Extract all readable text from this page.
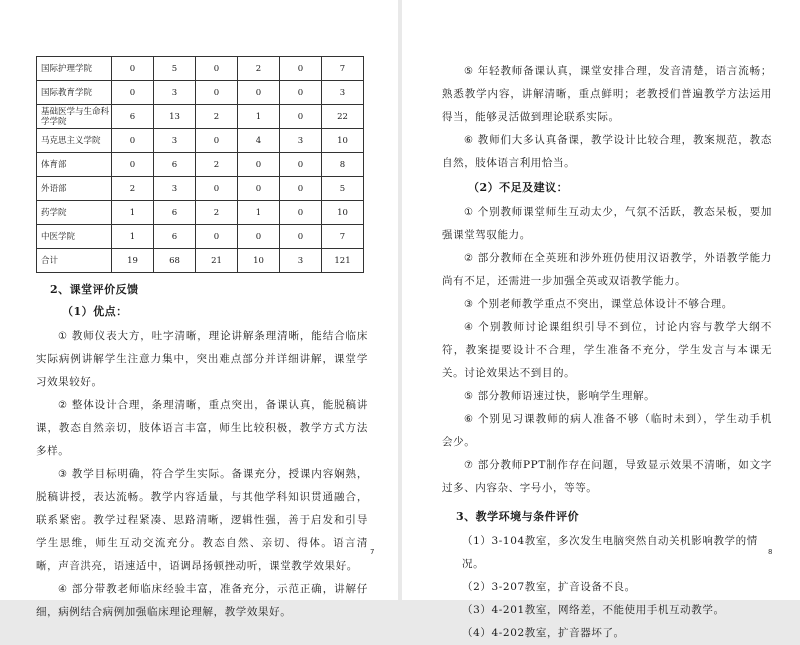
国际护理学院	0	5	0	2	0	7
国际教育学院	0	3	0	0	0	3
基础医学与生命科学学院	6	13	2	1	0	22
马克思主义学院	0	3	0	4	3	10
体育部	0	6	2	0	0	8
外语部	2	3	0	0	0	5
药学院	1	6	2	1	0	10
中医学院	1	6	0	0	0	7
合计	19	68	21	10	3	121
2、课堂评价反馈
（1）优点：

① 教师仪表大方，吐字清晰，理论讲解条理清晰，能结合临床实际病例讲解学生注意力集中，突出难点部分并详细讲解，课堂学习效果较好。

② 整体设计合理，条理清晰，重点突出，备课认真，能脱稿讲课，教态自然亲切，肢体语言丰富，师生比较积极，教学方式方法多样。

③ 教学目标明确，符合学生实际。备课充分，授课内容娴熟，脱稿讲授，表达流畅。教学内容适量，与其他学科知识贯通融合，联系紧密。教学过程紧凑、思路清晰，逻辑性强，善于启发和引导学生思维，师生互动交流充分。教态自然、亲切、得体。语言清晰，声音洪亮，语速适中，语调昂扬顿挫动听，课堂教学效果好。

④ 部分带教老师临床经验丰富，准备充分，示范正确，讲解仔细，病例结合病例加强临床理论理解，教学效果好。

7

⑤ 年轻教师备课认真，课堂安排合理，发音清楚，语言流畅；熟悉教学内容，讲解清晰，重点鲜明；老教授们普遍教学方法运用得当，能够灵活做到理论联系实际。

⑥ 教师们大多认真备课，教学设计比较合理，教案规范，教态自然，肢体语言利用恰当。

（2）不足及建议：

① 个别教师课堂师生互动太少，气氛不活跃，教态呆板，要加强课堂驾驭能力。

② 部分教师在全英班和涉外班仍使用汉语教学，外语教学能力尚有不足，还需进一步加强全英或双语教学能力。

③ 个别老师教学重点不突出，课堂总体设计不够合理。

④ 个别教师讨论课组织引导不到位，讨论内容与教学大纲不符，教案提要设计不合理，学生准备不充分，学生发言与本课无关。讨论效果达不到目的。

⑤ 部分教师语速过快，影响学生理解。

⑥ 个别见习课教师的病人准备不够（临时未到），学生动手机会少。

⑦ 部分教师PPT制作存在问题，导致显示效果不清晰，如文字过多、内容杂、字号小，等等。

3、教学环境与条件评价

（1）3-104教室，多次发生电脑突然自动关机影响教学的情况。

（2）3-207教室，扩音设备不良。

（3）4-201教室，网络差，不能使用手机互动教学。

（4）4-202教室，扩音器坏了。

8
